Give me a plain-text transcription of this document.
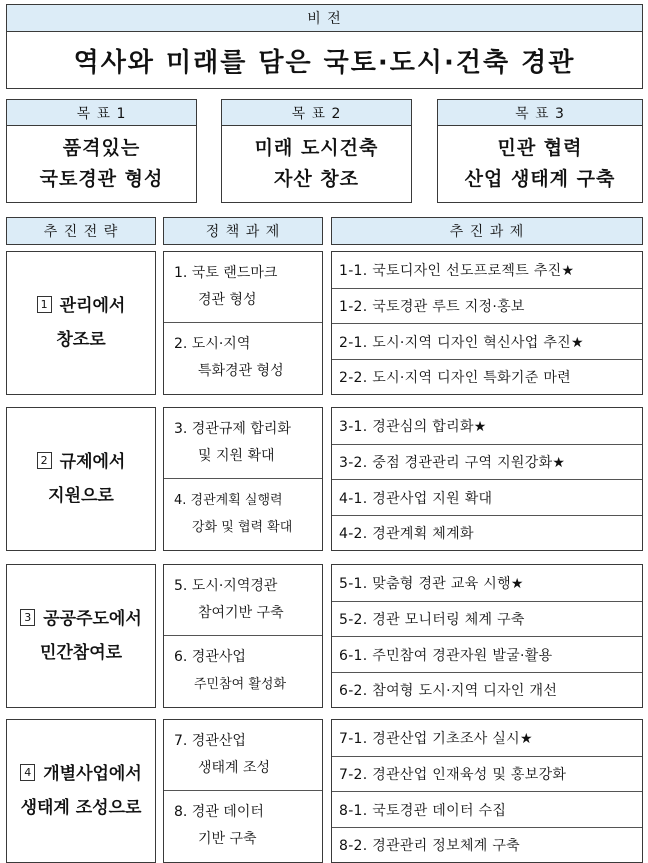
비 전
역사와 미래를 담은 국토·도시·건축 경관
목 표 1
품격있는
국토경관 형성
목 표 2
미래 도시건축
자산 창조
목 표 3
민관 협력
산업 생태계 구축
추 진 전 략	정 책 과 제	추 진 과 제
1 관리에서
창조로
1. 국토 랜드마크
경관 형성
2. 도시·지역
특화경관 형성
1-1. 국토디자인 선도프로젝트 추진★
1-2. 국토경관 루트 지정·홍보
2-1. 도시·지역 디자인 혁신사업 추진★
2-2. 도시·지역 디자인 특화기준 마련
2 규제에서
지원으로
3. 경관규제 합리화
및 지원 확대
4. 경관계획 실행력
강화 및 협력 확대
3-1. 경관심의 합리화★
3-2. 중점 경관관리 구역 지원강화★
4-1. 경관사업 지원 확대
4-2. 경관계획 체계화
3 공공주도에서
민간참여로
5. 도시·지역경관
참여기반 구축
6. 경관사업
주민참여 활성화
5-1. 맞춤형 경관 교육 시행★
5-2. 경관 모니터링 체계 구축
6-1. 주민참여 경관자원 발굴·활용
6-2. 참여형 도시·지역 디자인 개선
4 개별사업에서
생태계 조성으로
7. 경관산업
생태계 조성
8. 경관 데이터
기반 구축
7-1. 경관산업 기초조사 실시★
7-2. 경관산업 인재육성 및 홍보강화
8-1. 국토경관 데이터 수집
8-2. 경관관리 정보체계 구축
